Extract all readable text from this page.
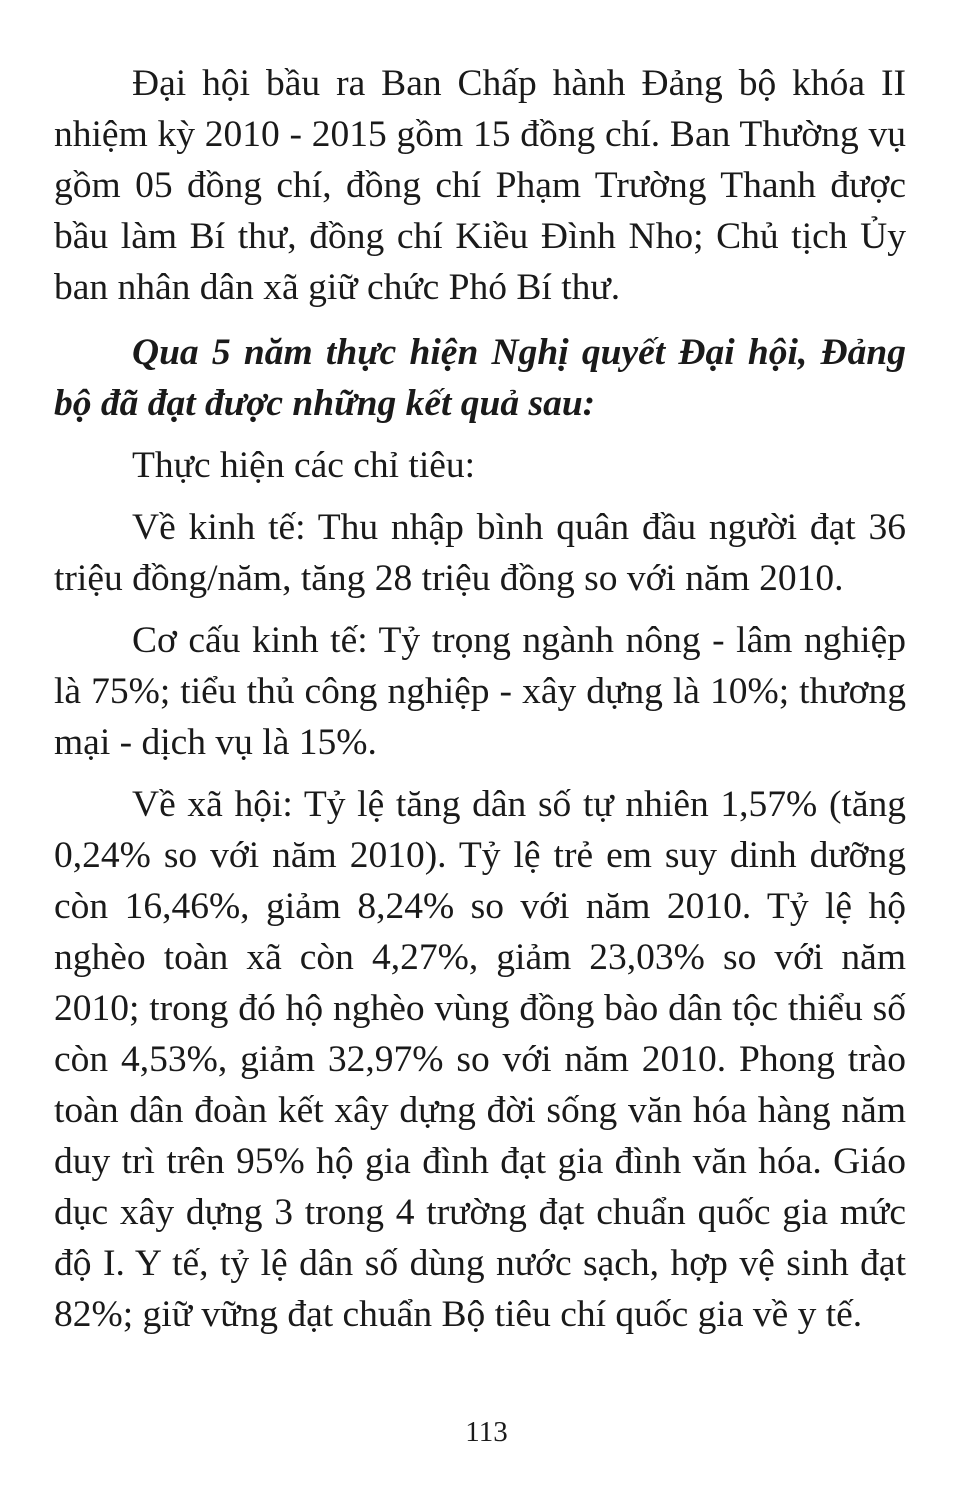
Đại hội bầu ra Ban Chấp hành Đảng bộ khóa II nhiệm kỳ 2010 - 2015 gồm 15 đồng chí. Ban Thường vụ gồm 05 đồng chí, đồng chí Phạm Trường Thanh được bầu làm Bí thư, đồng chí Kiều Đình Nho; Chủ tịch Ủy ban nhân dân xã giữ chức Phó Bí thư.

Qua 5 năm thực hiện Nghị quyết Đại hội, Đảng bộ đã đạt được những kết quả sau:

Thực hiện các chỉ tiêu:

Về kinh tế: Thu nhập bình quân đầu người đạt 36 triệu đồng/năm, tăng 28 triệu đồng so với năm 2010.

Cơ cấu kinh tế: Tỷ trọng ngành nông - lâm nghiệp là 75%; tiểu thủ công nghiệp - xây dựng là 10%; thương mại - dịch vụ là 15%.

Về xã hội: Tỷ lệ tăng dân số tự nhiên 1,57% (tăng 0,24% so với năm 2010). Tỷ lệ trẻ em suy dinh dưỡng còn 16,46%, giảm 8,24% so với năm 2010. Tỷ lệ hộ nghèo toàn xã còn 4,27%, giảm 23,03% so với năm 2010; trong đó hộ nghèo vùng đồng bào dân tộc thiểu số còn 4,53%, giảm 32,97% so với năm 2010. Phong trào toàn dân đoàn kết xây dựng đời sống văn hóa hàng năm duy trì trên 95% hộ gia đình đạt gia đình văn hóa. Giáo dục xây dựng 3 trong 4 trường đạt chuẩn quốc gia mức độ I. Y tế, tỷ lệ dân số dùng nước sạch, hợp vệ sinh đạt 82%; giữ vững đạt chuẩn Bộ tiêu chí quốc gia về y tế.

113
